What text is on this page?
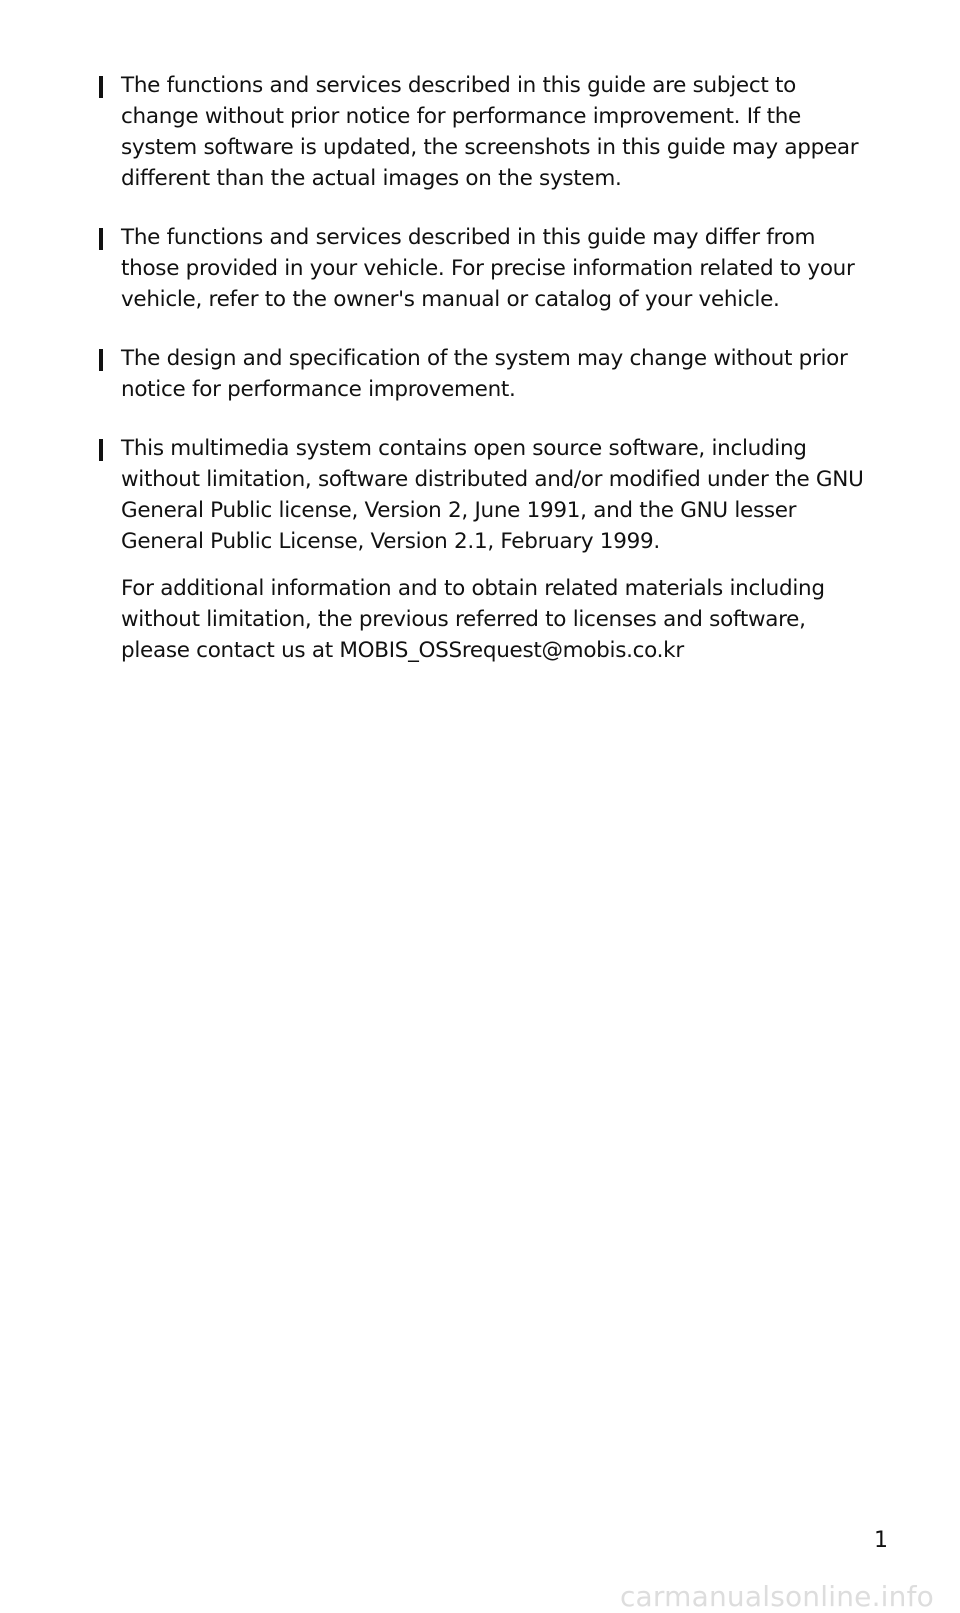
The functions and services described in this guide are subject to change without prior notice for performance improvement. If the system software is updated, the screenshots in this guide may appear different than the actual images on the system.

The functions and services described in this guide may differ from those provided in your vehicle. For precise information related to your vehicle, refer to the owner's manual or catalog of your vehicle.

The design and specification of the system may change without prior notice for performance improvement.

This multimedia system contains open source software, including without limitation, software distributed and/or modified under the GNU General Public license, Version 2, June 1991, and the GNU lesser General Public License, Version 2.1, February 1999.

For additional information and to obtain related materials including without limitation, the previous referred to licenses and software, please contact us at MOBIS_OSSrequest@mobis.co.kr

1
carmanualsonline.info
